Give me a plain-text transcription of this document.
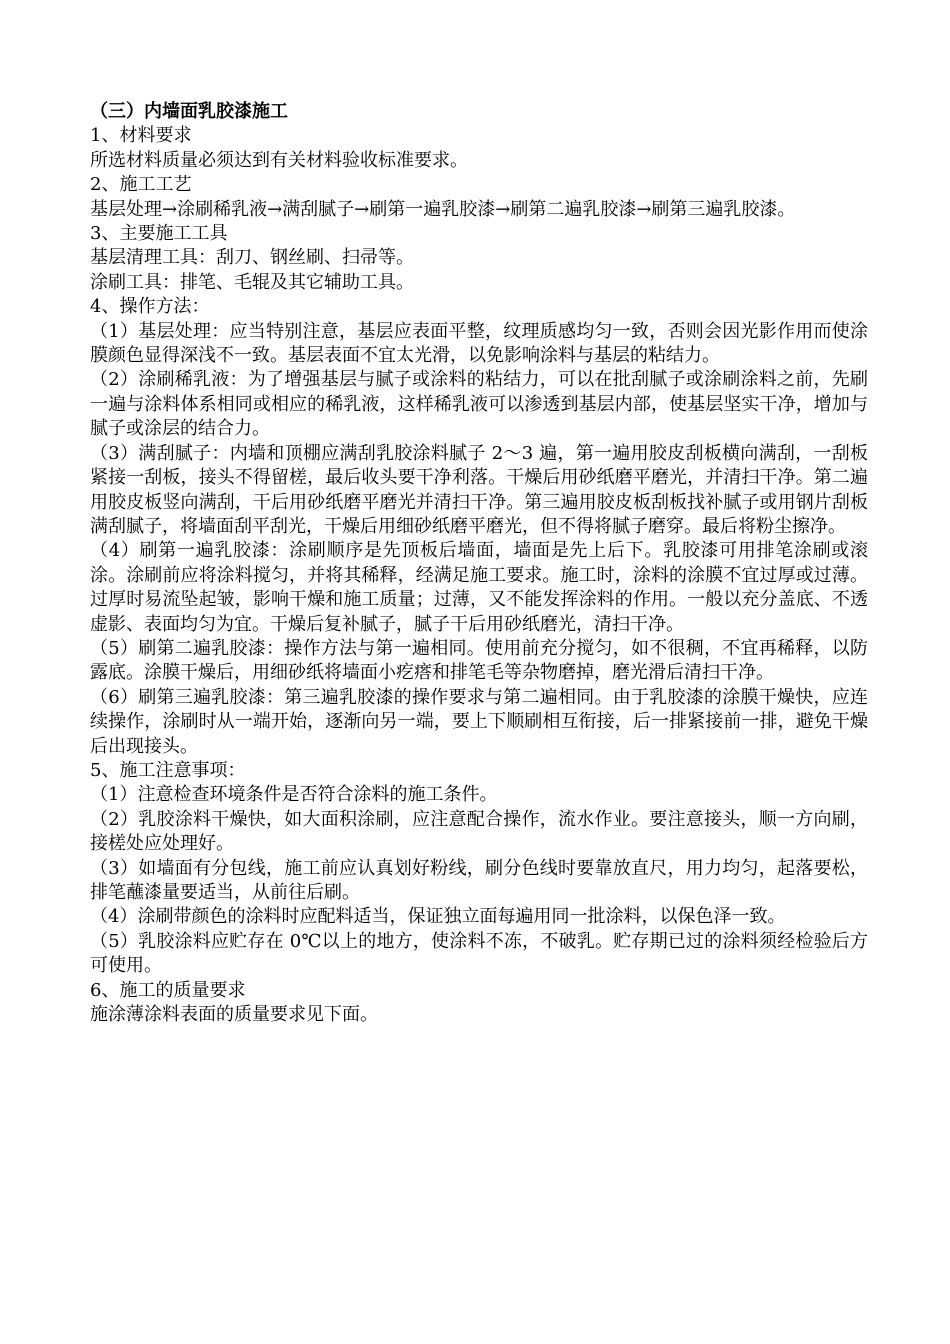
（三）内墙面乳胶漆施工

1、材料要求

所选材料质量必须达到有关材料验收标准要求。

2、施工工艺

基层处理→涂刷稀乳液→满刮腻子→刷第一遍乳胶漆→刷第二遍乳胶漆→刷第三遍乳胶漆。

3、主要施工工具

基层清理工具：刮刀、钢丝刷、扫帚等。

涂刷工具：排笔、毛辊及其它辅助工具。

4、操作方法：

（1）基层处理：应当特别注意，基层应表面平整，纹理质感均匀一致，否则会因光影作用而使涂膜颜色显得深浅不一致。基层表面不宜太光滑，以免影响涂料与基层的粘结力。

（2）涂刷稀乳液：为了增强基层与腻子或涂料的粘结力，可以在批刮腻子或涂刷涂料之前，先刷一遍与涂料体系相同或相应的稀乳液，这样稀乳液可以渗透到基层内部，使基层坚实干净，增加与腻子或涂层的结合力。

（3）满刮腻子：内墙和顶棚应满刮乳胶涂料腻子 2～3 遍，第一遍用胶皮刮板横向满刮，一刮板紧接一刮板，接头不得留槎，最后收头要干净利落。干燥后用砂纸磨平磨光，并清扫干净。第二遍用胶皮板竖向满刮，干后用砂纸磨平磨光并清扫干净。第三遍用胶皮板刮板找补腻子或用钢片刮板满刮腻子，将墙面刮平刮光，干燥后用细砂纸磨平磨光，但不得将腻子磨穿。最后将粉尘擦净。

（4）刷第一遍乳胶漆：涂刷顺序是先顶板后墙面，墙面是先上后下。乳胶漆可用排笔涂刷或滚涂。涂刷前应将涂料搅匀，并将其稀释，经满足施工要求。施工时，涂料的涂膜不宜过厚或过薄。过厚时易流坠起皱，影响干燥和施工质量；过薄，又不能发挥涂料的作用。一般以充分盖底、不透虚影、表面均匀为宜。干燥后复补腻子，腻子干后用砂纸磨光，清扫干净。

（5）刷第二遍乳胶漆：操作方法与第一遍相同。使用前充分搅匀，如不很稠，不宜再稀释，以防露底。涂膜干燥后，用细砂纸将墙面小疙瘩和排笔毛等杂物磨掉，磨光滑后清扫干净。

（6）刷第三遍乳胶漆：第三遍乳胶漆的操作要求与第二遍相同。由于乳胶漆的涂膜干燥快，应连续操作，涂刷时从一端开始，逐渐向另一端，要上下顺刷相互衔接，后一排紧接前一排，避免干燥后出现接头。

5、施工注意事项：

（1）注意检查环境条件是否符合涂料的施工条件。

（2）乳胶涂料干燥快，如大面积涂刷，应注意配合操作，流水作业。要注意接头，顺一方向刷，接槎处应处理好。

（3）如墙面有分包线，施工前应认真划好粉线，刷分色线时要靠放直尺，用力均匀，起落要松，排笔蘸漆量要适当，从前往后刷。

（4）涂刷带颜色的涂料时应配料适当，保证独立面每遍用同一批涂料，以保色泽一致。

（5）乳胶涂料应贮存在 0℃以上的地方，使涂料不冻，不破乳。贮存期已过的涂料须经检验后方可使用。

6、施工的质量要求

施涂薄涂料表面的质量要求见下面。
